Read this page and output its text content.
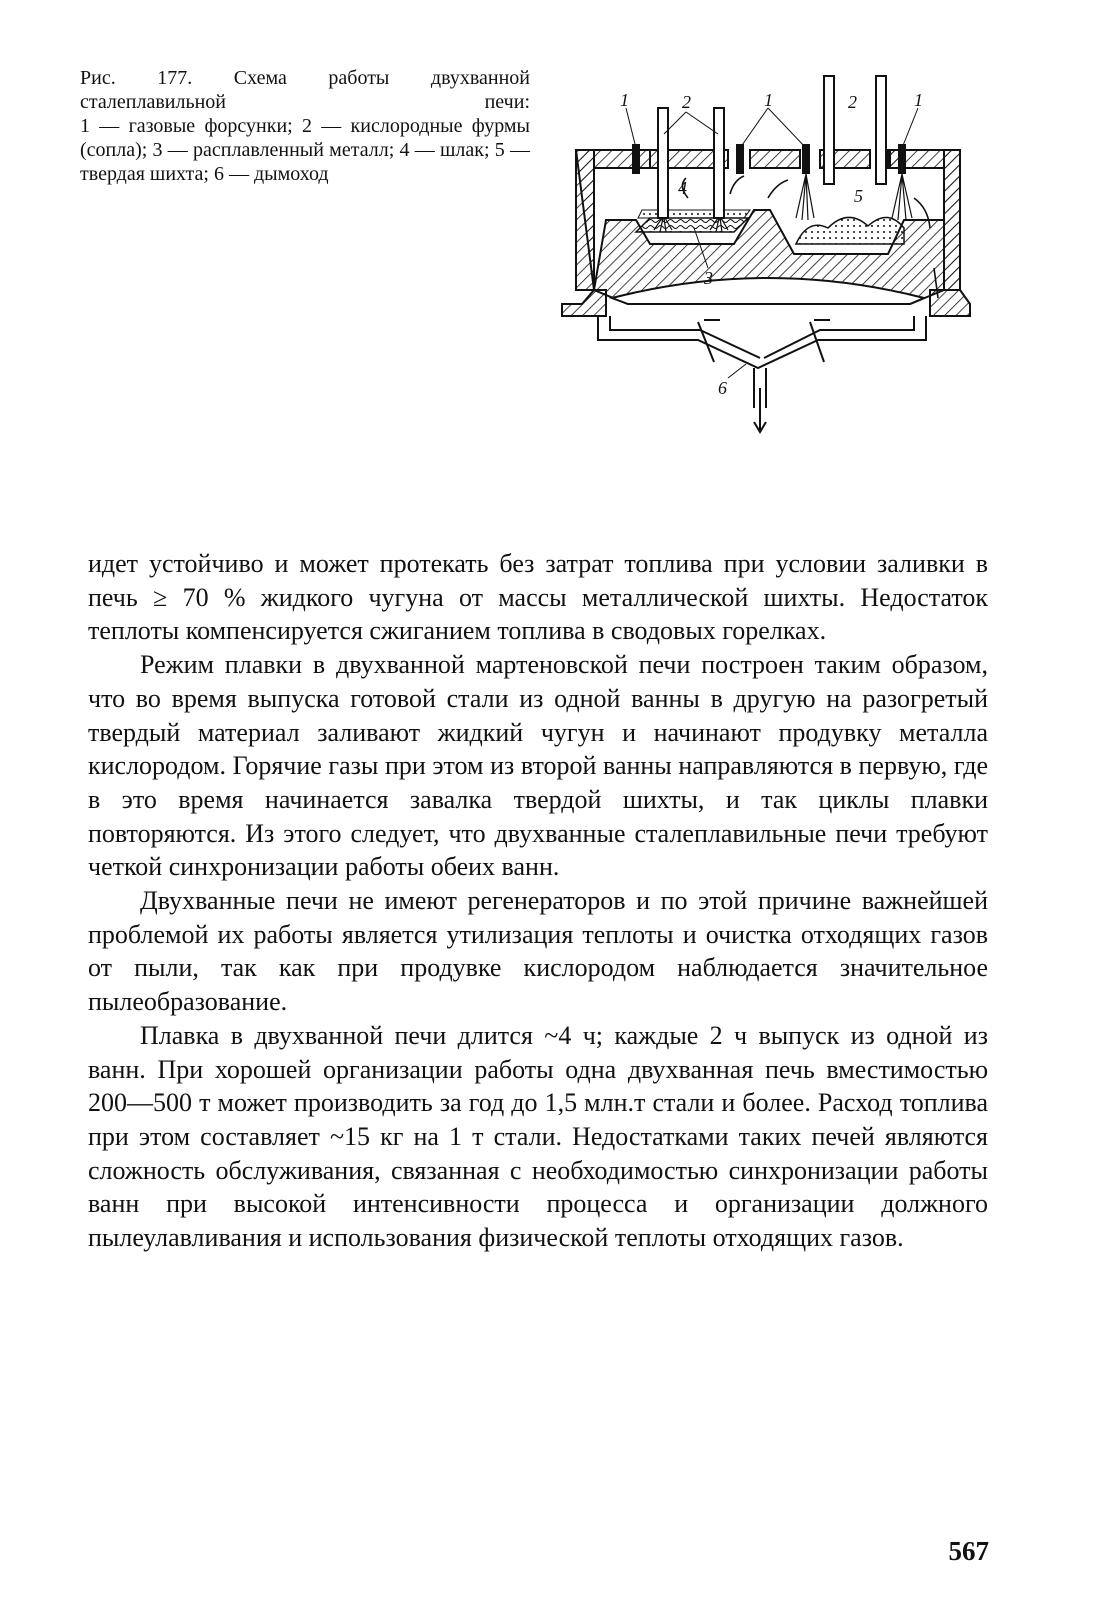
Рис. 177. Схема работы двухванной сталеплавильной печи:
1 — газовые форсунки; 2 — кислородные фурмы (сопла); 3 — расплавленный металл; 4 — шлак; 5 — твердая шихта; 6 — дымоход
1	2	1	2	1
4	5
3
6

идет устойчиво и может протекать без затрат топлива при условии заливки в печь ≥ 70 % жидкого чугуна от массы металлической шихты. Недостаток теплоты компенсируется сжиганием топлива в сводовых горелках.

Режим плавки в двухванной мартеновской печи построен таким образом, что во время выпуска готовой стали из одной ванны в другую на разогретый твердый материал заливают жидкий чугун и начинают продувку металла кислородом. Горячие газы при этом из второй ванны направляются в первую, где в это время начинается завалка твердой шихты, и так циклы плавки повторяются. Из этого следует, что двухванные сталеплавильные печи требуют четкой синхронизации работы обеих ванн.

Двухванные печи не имеют регенераторов и по этой причине важнейшей проблемой их работы является утилизация теплоты и очистка отходящих газов от пыли, так как при продувке кислородом наблюдается значительное пылеобразование.

Плавка в двухванной печи длится ~4 ч; каждые 2 ч выпуск из одной из ванн. При хорошей организации работы одна двухванная печь вместимостью 200—500 т может производить за год до 1,5 млн.т стали и более. Расход топлива при этом составляет ~15 кг на 1 т стали. Недостатками таких печей являются сложность обслуживания, связанная с необходимостью синхронизации работы ванн при высокой интенсивности процесса и организации должного пылеулавливания и использования физической теплоты отходящих газов.

567
